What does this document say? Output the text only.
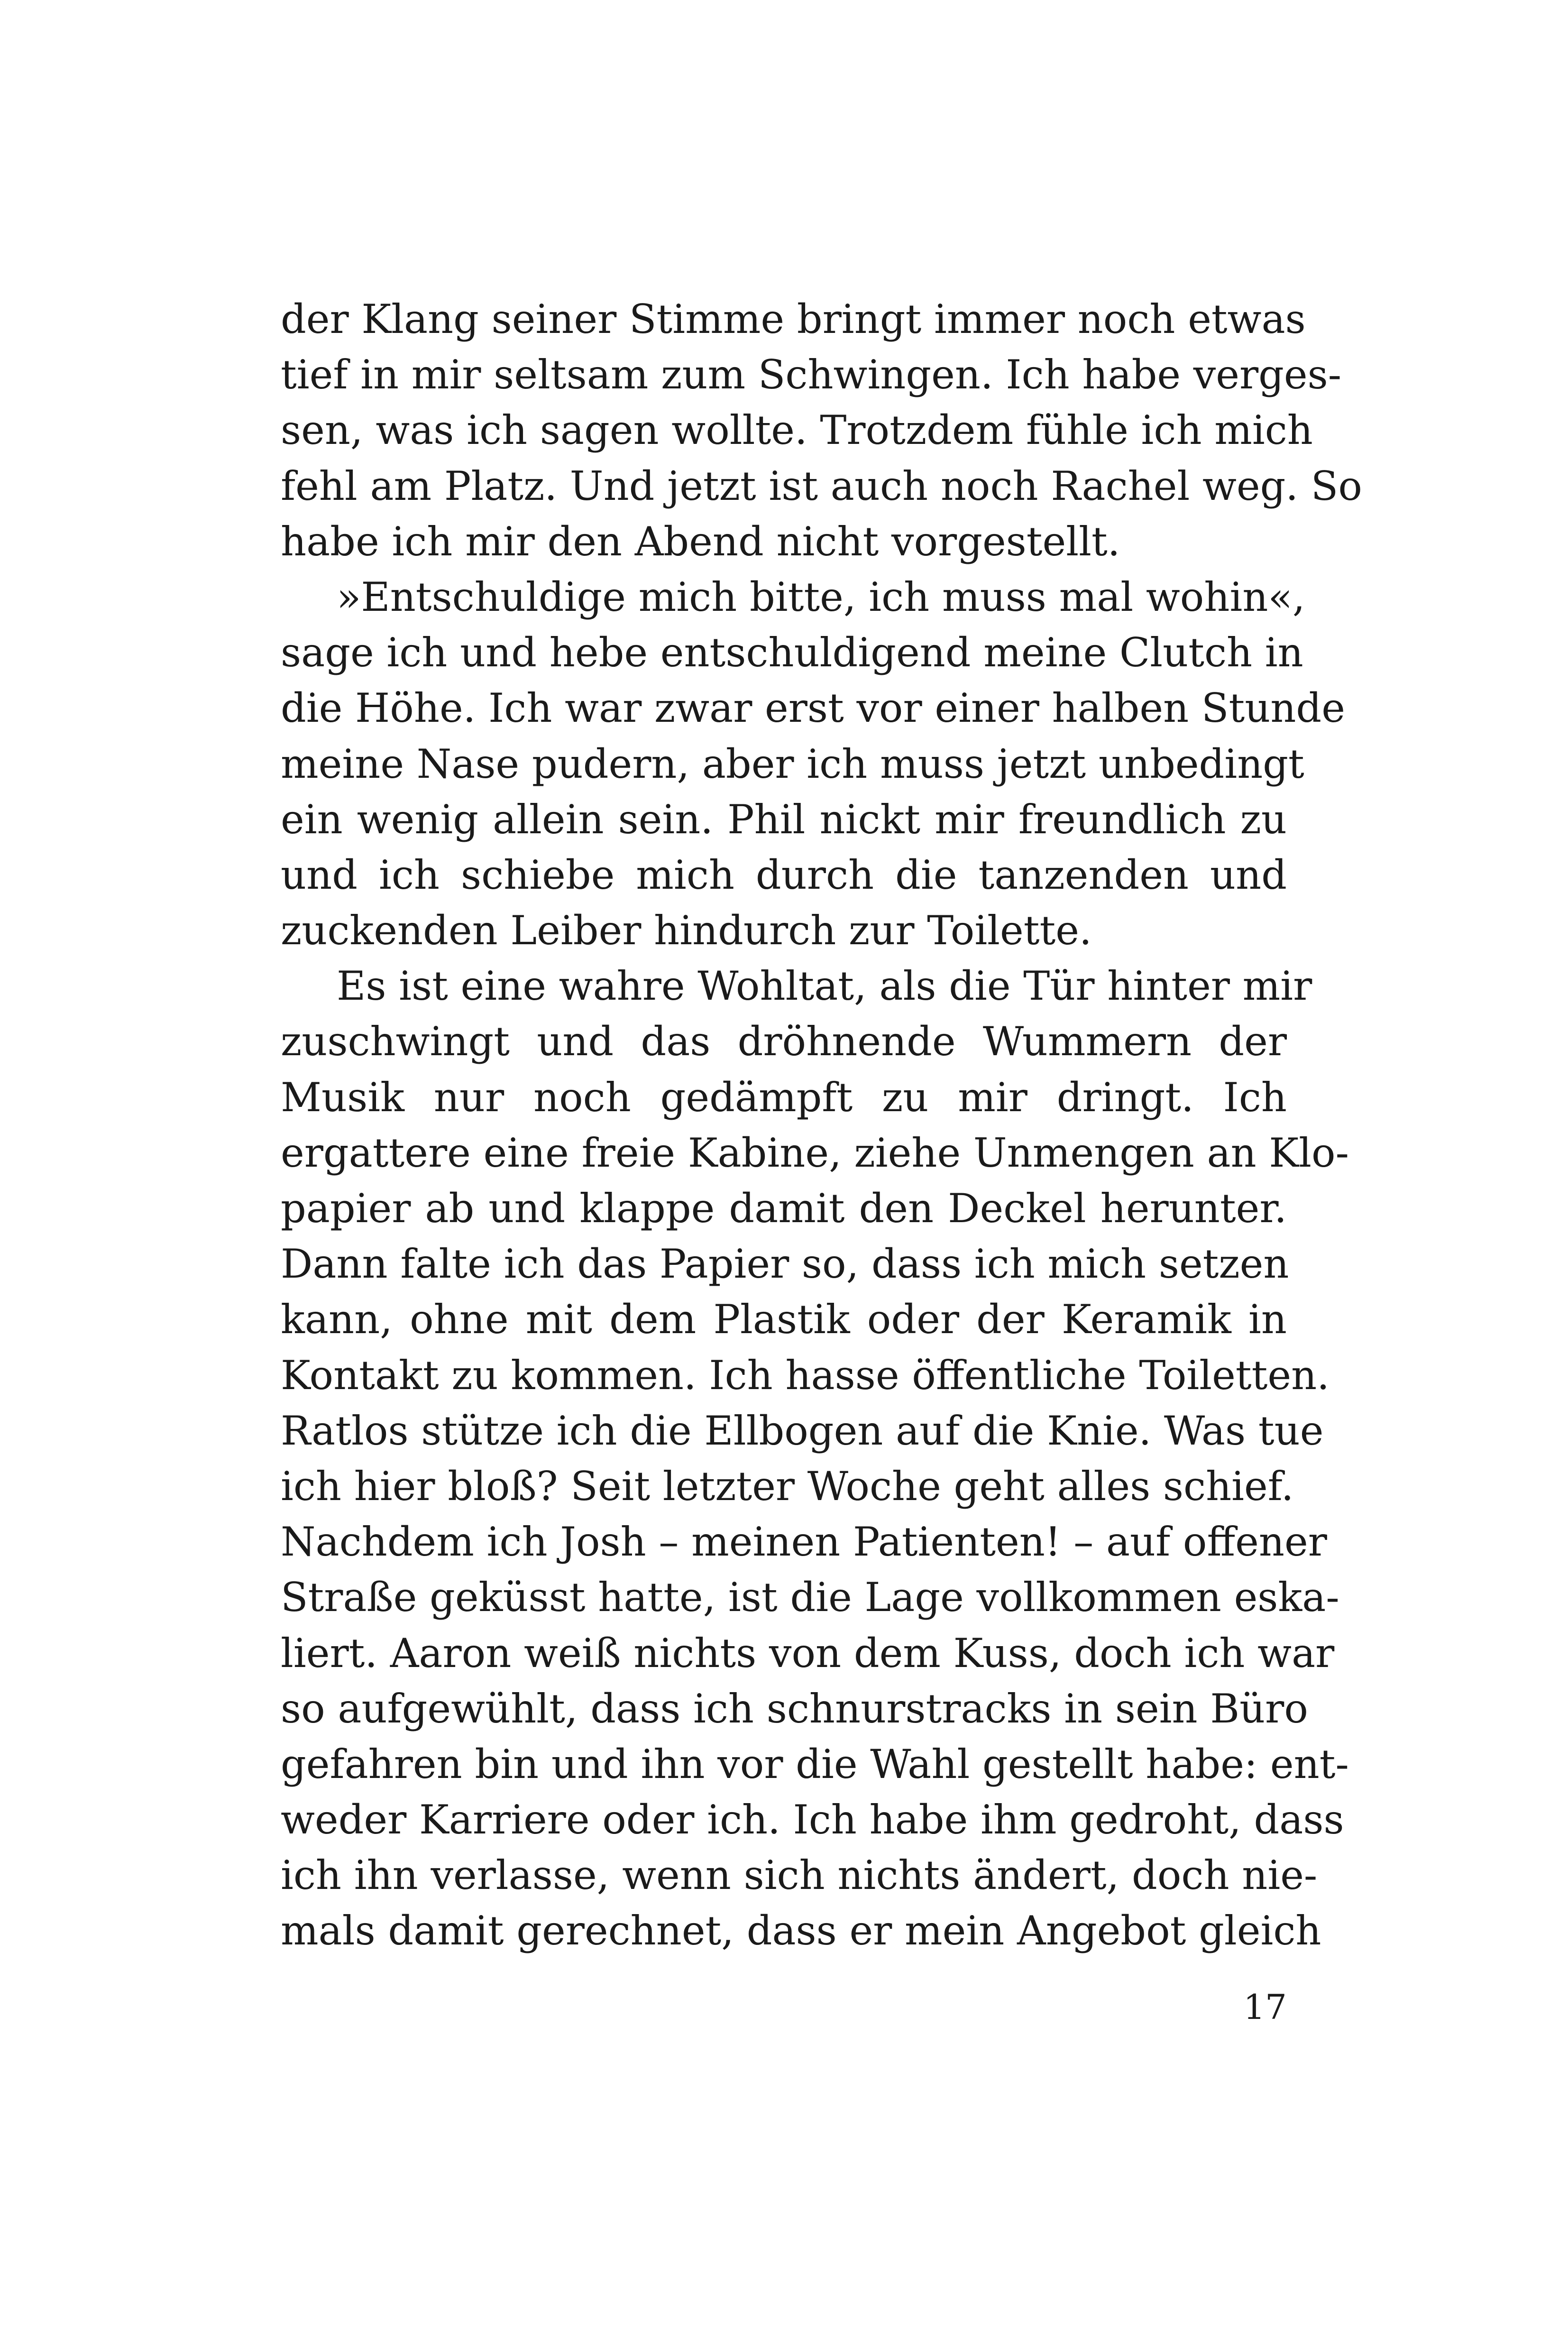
der Klang seiner Stimme bringt immer noch etwas
tief in mir seltsam zum Schwingen. Ich habe verges-
sen, was ich sagen wollte. Trotzdem fühle ich mich
fehl am Platz. Und jetzt ist auch noch Rachel weg. So
habe ich mir den Abend nicht vorgestellt.
»Entschuldige mich bitte, ich muss mal wohin«,
sage ich und hebe entschuldigend meine Clutch in
die Höhe. Ich war zwar erst vor einer halben Stunde
meine Nase pudern, aber ich muss jetzt unbedingt
ein wenig allein sein. Phil nickt mir freundlich zu
und ich schiebe mich durch die tanzenden und
zuckenden Leiber hindurch zur Toilette.
Es ist eine wahre Wohltat, als die Tür hinter mir
zuschwingt und das dröhnende Wummern der
Musik nur noch gedämpft zu mir dringt. Ich
ergattere eine freie Kabine, ziehe Unmengen an Klo-
papier ab und klappe damit den Deckel herunter.
Dann falte ich das Papier so, dass ich mich setzen
kann, ohne mit dem Plastik oder der Keramik in
Kontakt zu kommen. Ich hasse öffentliche Toiletten.
Ratlos stütze ich die Ellbogen auf die Knie. Was tue
ich hier bloß? Seit letzter Woche geht alles schief.
Nachdem ich Josh – meinen Patienten! – auf offener
Straße geküsst hatte, ist die Lage vollkommen eska-
liert. Aaron weiß nichts von dem Kuss, doch ich war
so aufgewühlt, dass ich schnurstracks in sein Büro
gefahren bin und ihn vor die Wahl gestellt habe: ent-
weder Karriere oder ich. Ich habe ihm gedroht, dass
ich ihn verlasse, wenn sich nichts ändert, doch nie-
mals damit gerechnet, dass er mein Angebot gleich
17
